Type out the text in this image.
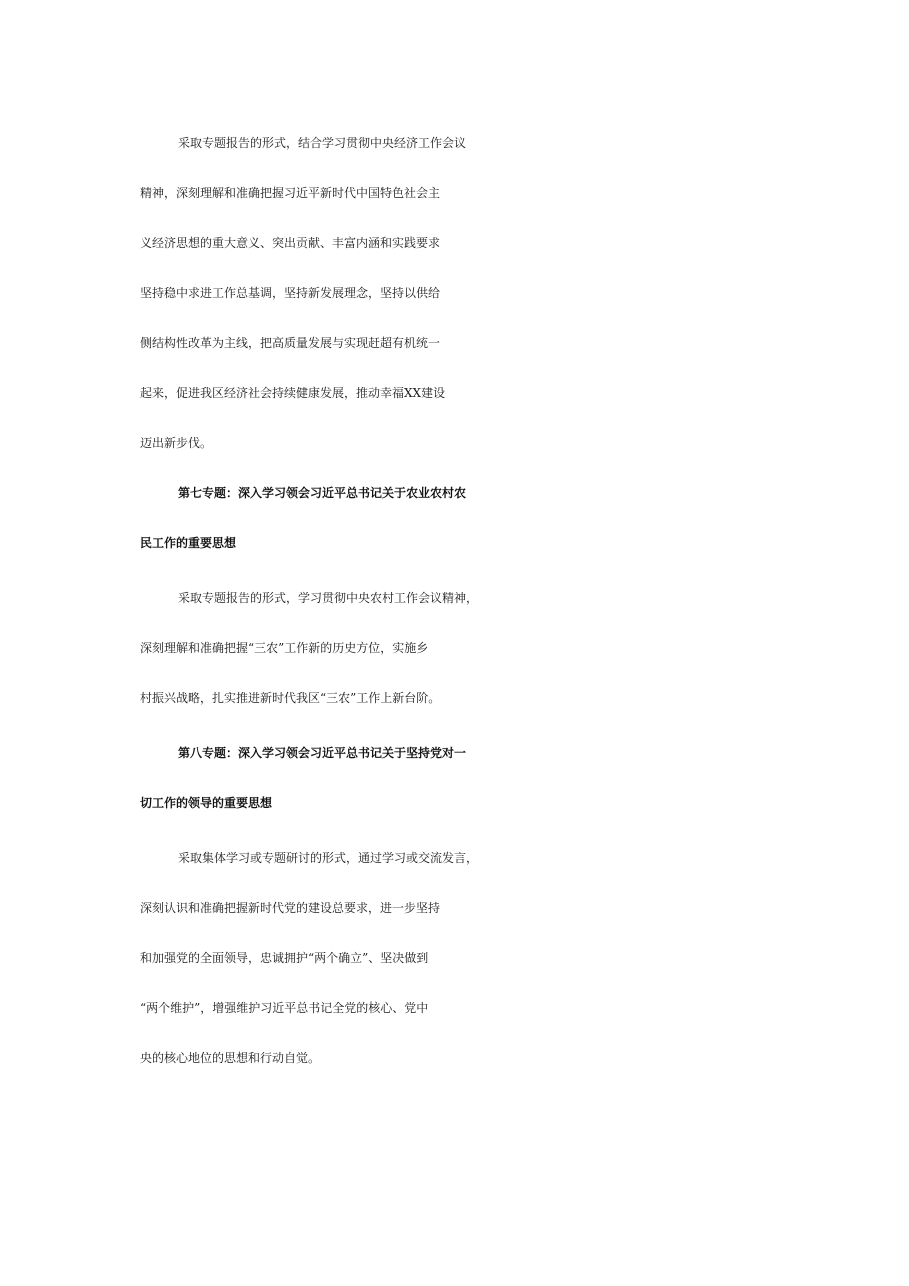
采取专题报告的形式，结合学习贯彻中央经济工作会议
精神，深刻理解和准确把握习近平新时代中国特色社会主
义经济思想的重大意义、突出贡献、丰富内涵和实践要求
坚持稳中求进工作总基调，坚持新发展理念，坚持以供给
侧结构性改革为主线，把高质量发展与实现赶超有机统一
起来，促进我区经济社会持续健康发展，推动幸福XX建设
迈出新步伐。
第七专题：深入学习领会习近平总书记关于农业农村农
民工作的重要思想
采取专题报告的形式，学习贯彻中央农村工作会议精神，
深刻理解和准确把握“三农”工作新的历史方位，实施乡
村振兴战略，扎实推进新时代我区“三农”工作上新台阶。
第八专题：深入学习领会习近平总书记关于坚持党对一
切工作的领导的重要思想
采取集体学习或专题研讨的形式，通过学习或交流发言，
深刻认识和准确把握新时代党的建设总要求，进一步坚持
和加强党的全面领导，忠诚拥护“两个确立”、坚决做到
“两个维护”，增强维护习近平总书记全党的核心、党中
央的核心地位的思想和行动自觉。
